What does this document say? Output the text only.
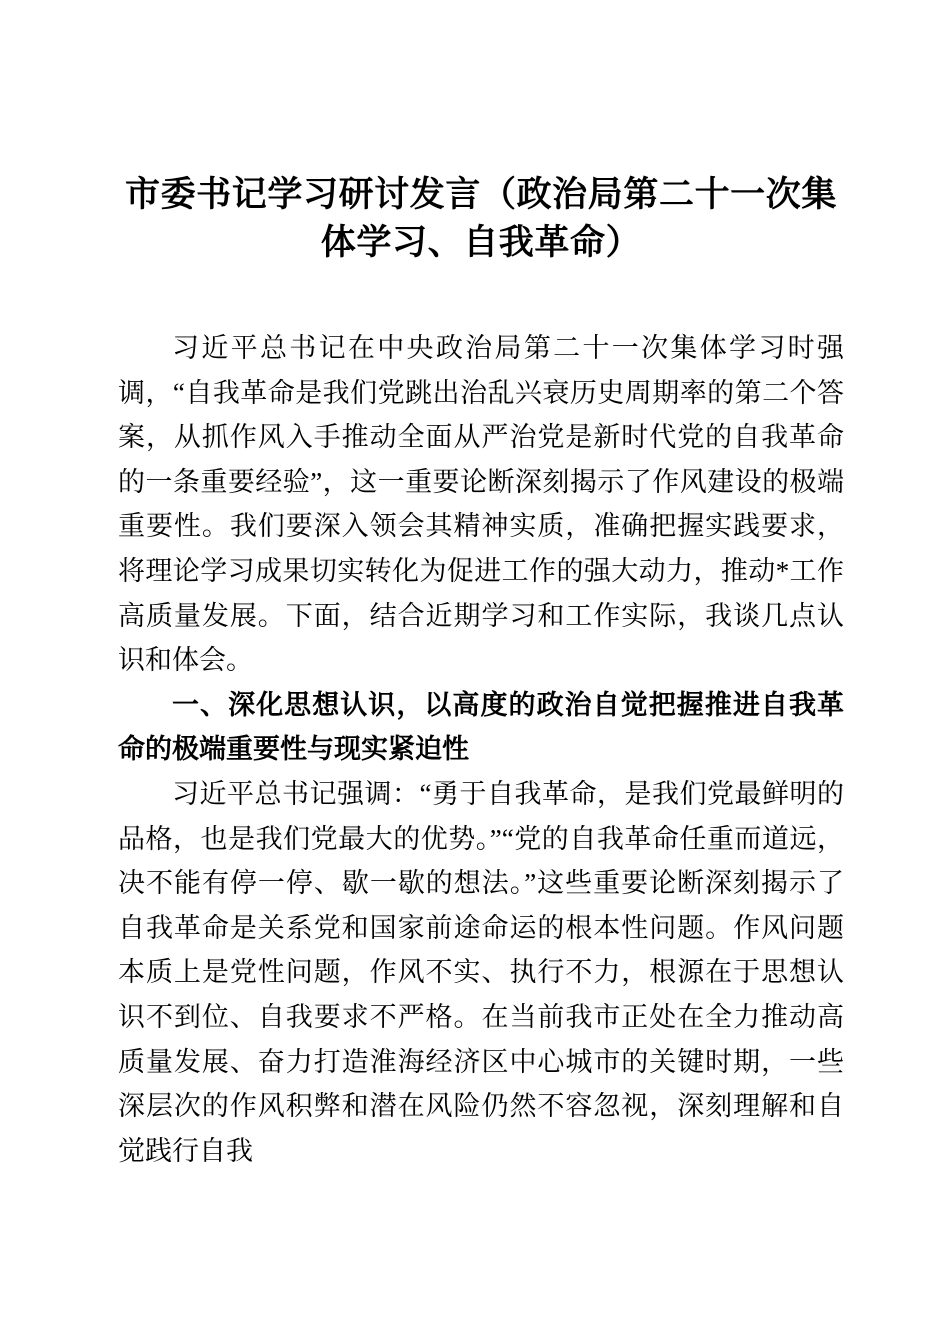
市委书记学习研讨发言（政治局第二十一次集体学习、自我革命）

习近平总书记在中央政治局第二十一次集体学习时强调，“自我革命是我们党跳出治乱兴衰历史周期率的第二个答案，从抓作风入手推动全面从严治党是新时代党的自我革命的一条重要经验”，这一重要论断深刻揭示了作风建设的极端重要性。我们要深入领会其精神实质，准确把握实践要求，将理论学习成果切实转化为促进工作的强大动力，推动*工作高质量发展。下面，结合近期学习和工作实际，我谈几点认识和体会。

一、深化思想认识，以高度的政治自觉把握推进自我革命的极端重要性与现实紧迫性

习近平总书记强调：“勇于自我革命，是我们党最鲜明的品格，也是我们党最大的优势。”“党的自我革命任重而道远，决不能有停一停、歇一歇的想法。”这些重要论断深刻揭示了自我革命是关系党和国家前途命运的根本性问题。作风问题本质上是党性问题，作风不实、执行不力，根源在于思想认识不到位、自我要求不严格。在当前我市正处在全力推动高质量发展、奋力打造淮海经济区中心城市的关键时期，一些深层次的作风积弊和潜在风险仍然不容忽视，深刻理解和自觉践行自我
